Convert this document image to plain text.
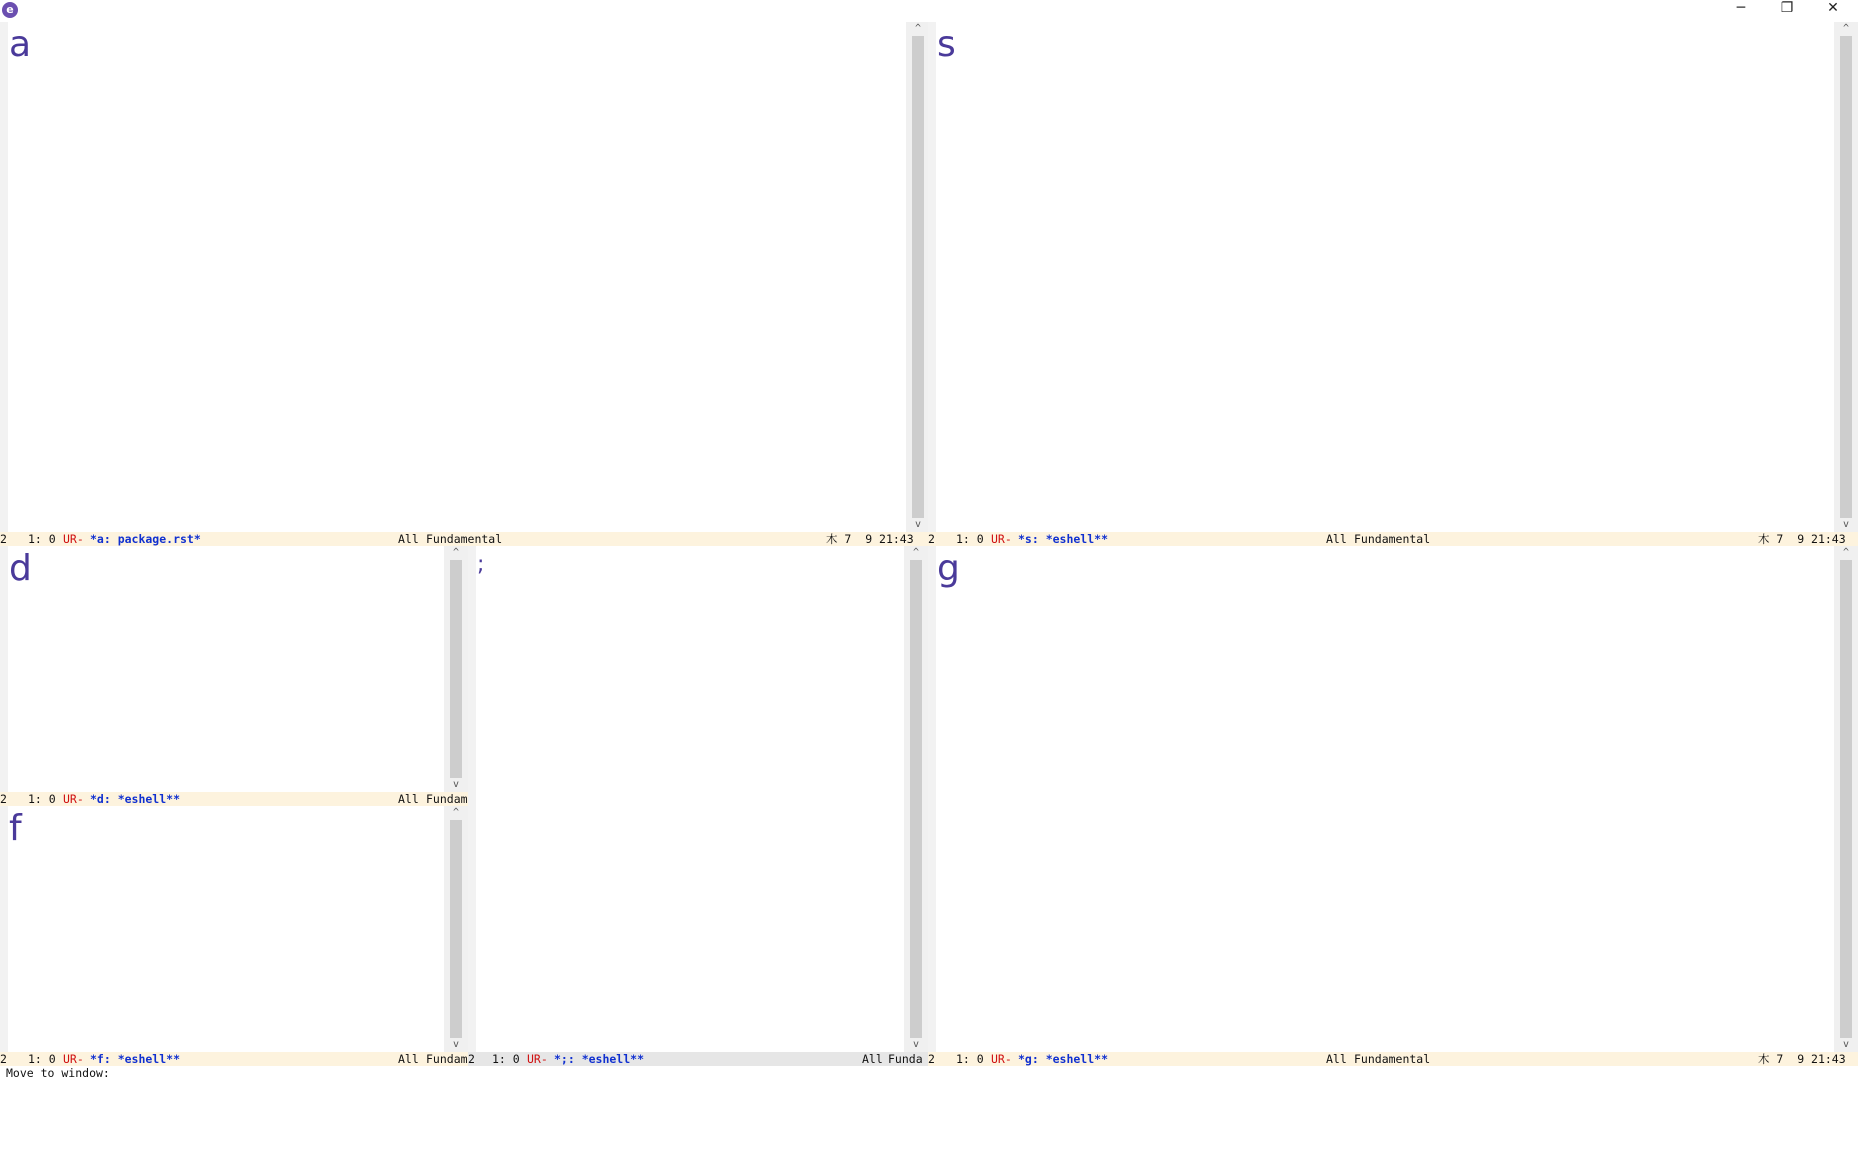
e	─	❐	✕
a	^
v

2

1: 0

UR-

*a: package.rst*

	All

Fundamental

	木 7  9 21:43

s	^
v

2

1: 0

UR-

*s: *eshell**

	All

Fundamental

	木 7  9 21:43

d	^
v

2

1: 0

UR-

*d: *eshell**

	All

Fundam

f	^
v

2

1: 0

UR-

*f: *eshell**

	All

Fundam

;	^
v

2

1: 0

UR-

*;: *eshell**

	All

Funda

g	^
v

2

1: 0

UR-

*g: *eshell**

	All

Fundamental

	木 7  9 21:43

Move to window:
